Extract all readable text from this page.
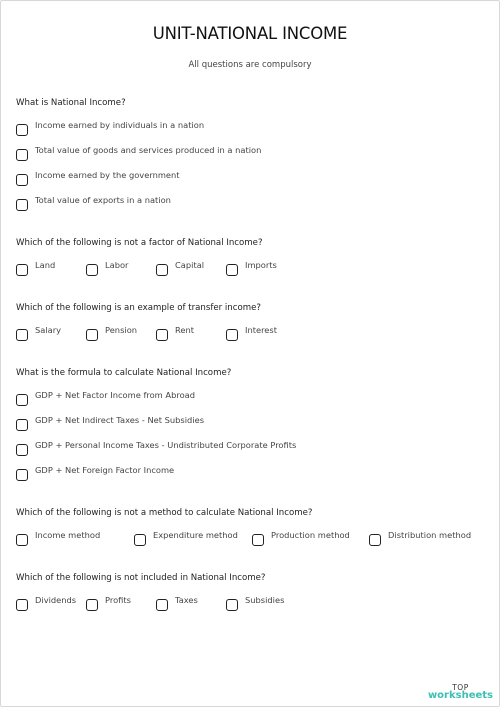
UNIT-NATIONAL INCOME
All questions are compulsory
What is National Income?
Income earned by individuals in a nation
Total value of goods and services produced in a nation
Income earned by the government
Total value of exports in a nation
Which of the following is not a factor of National Income?
Land	Labor	Capital	Imports
Which of the following is an example of transfer income?
Salary	Pension	Rent	Interest
What is the formula to calculate National Income?
GDP + Net Factor Income from Abroad
GDP + Net Indirect Taxes - Net Subsidies
GDP + Personal Income Taxes - Undistributed Corporate Profits
GDP + Net Foreign Factor Income
Which of the following is not a method to calculate National Income?
Income method	Expenditure method	Production method	Distribution method
Which of the following is not included in National Income?
Dividends	Profits	Taxes	Subsidies
TOP
worksheets
